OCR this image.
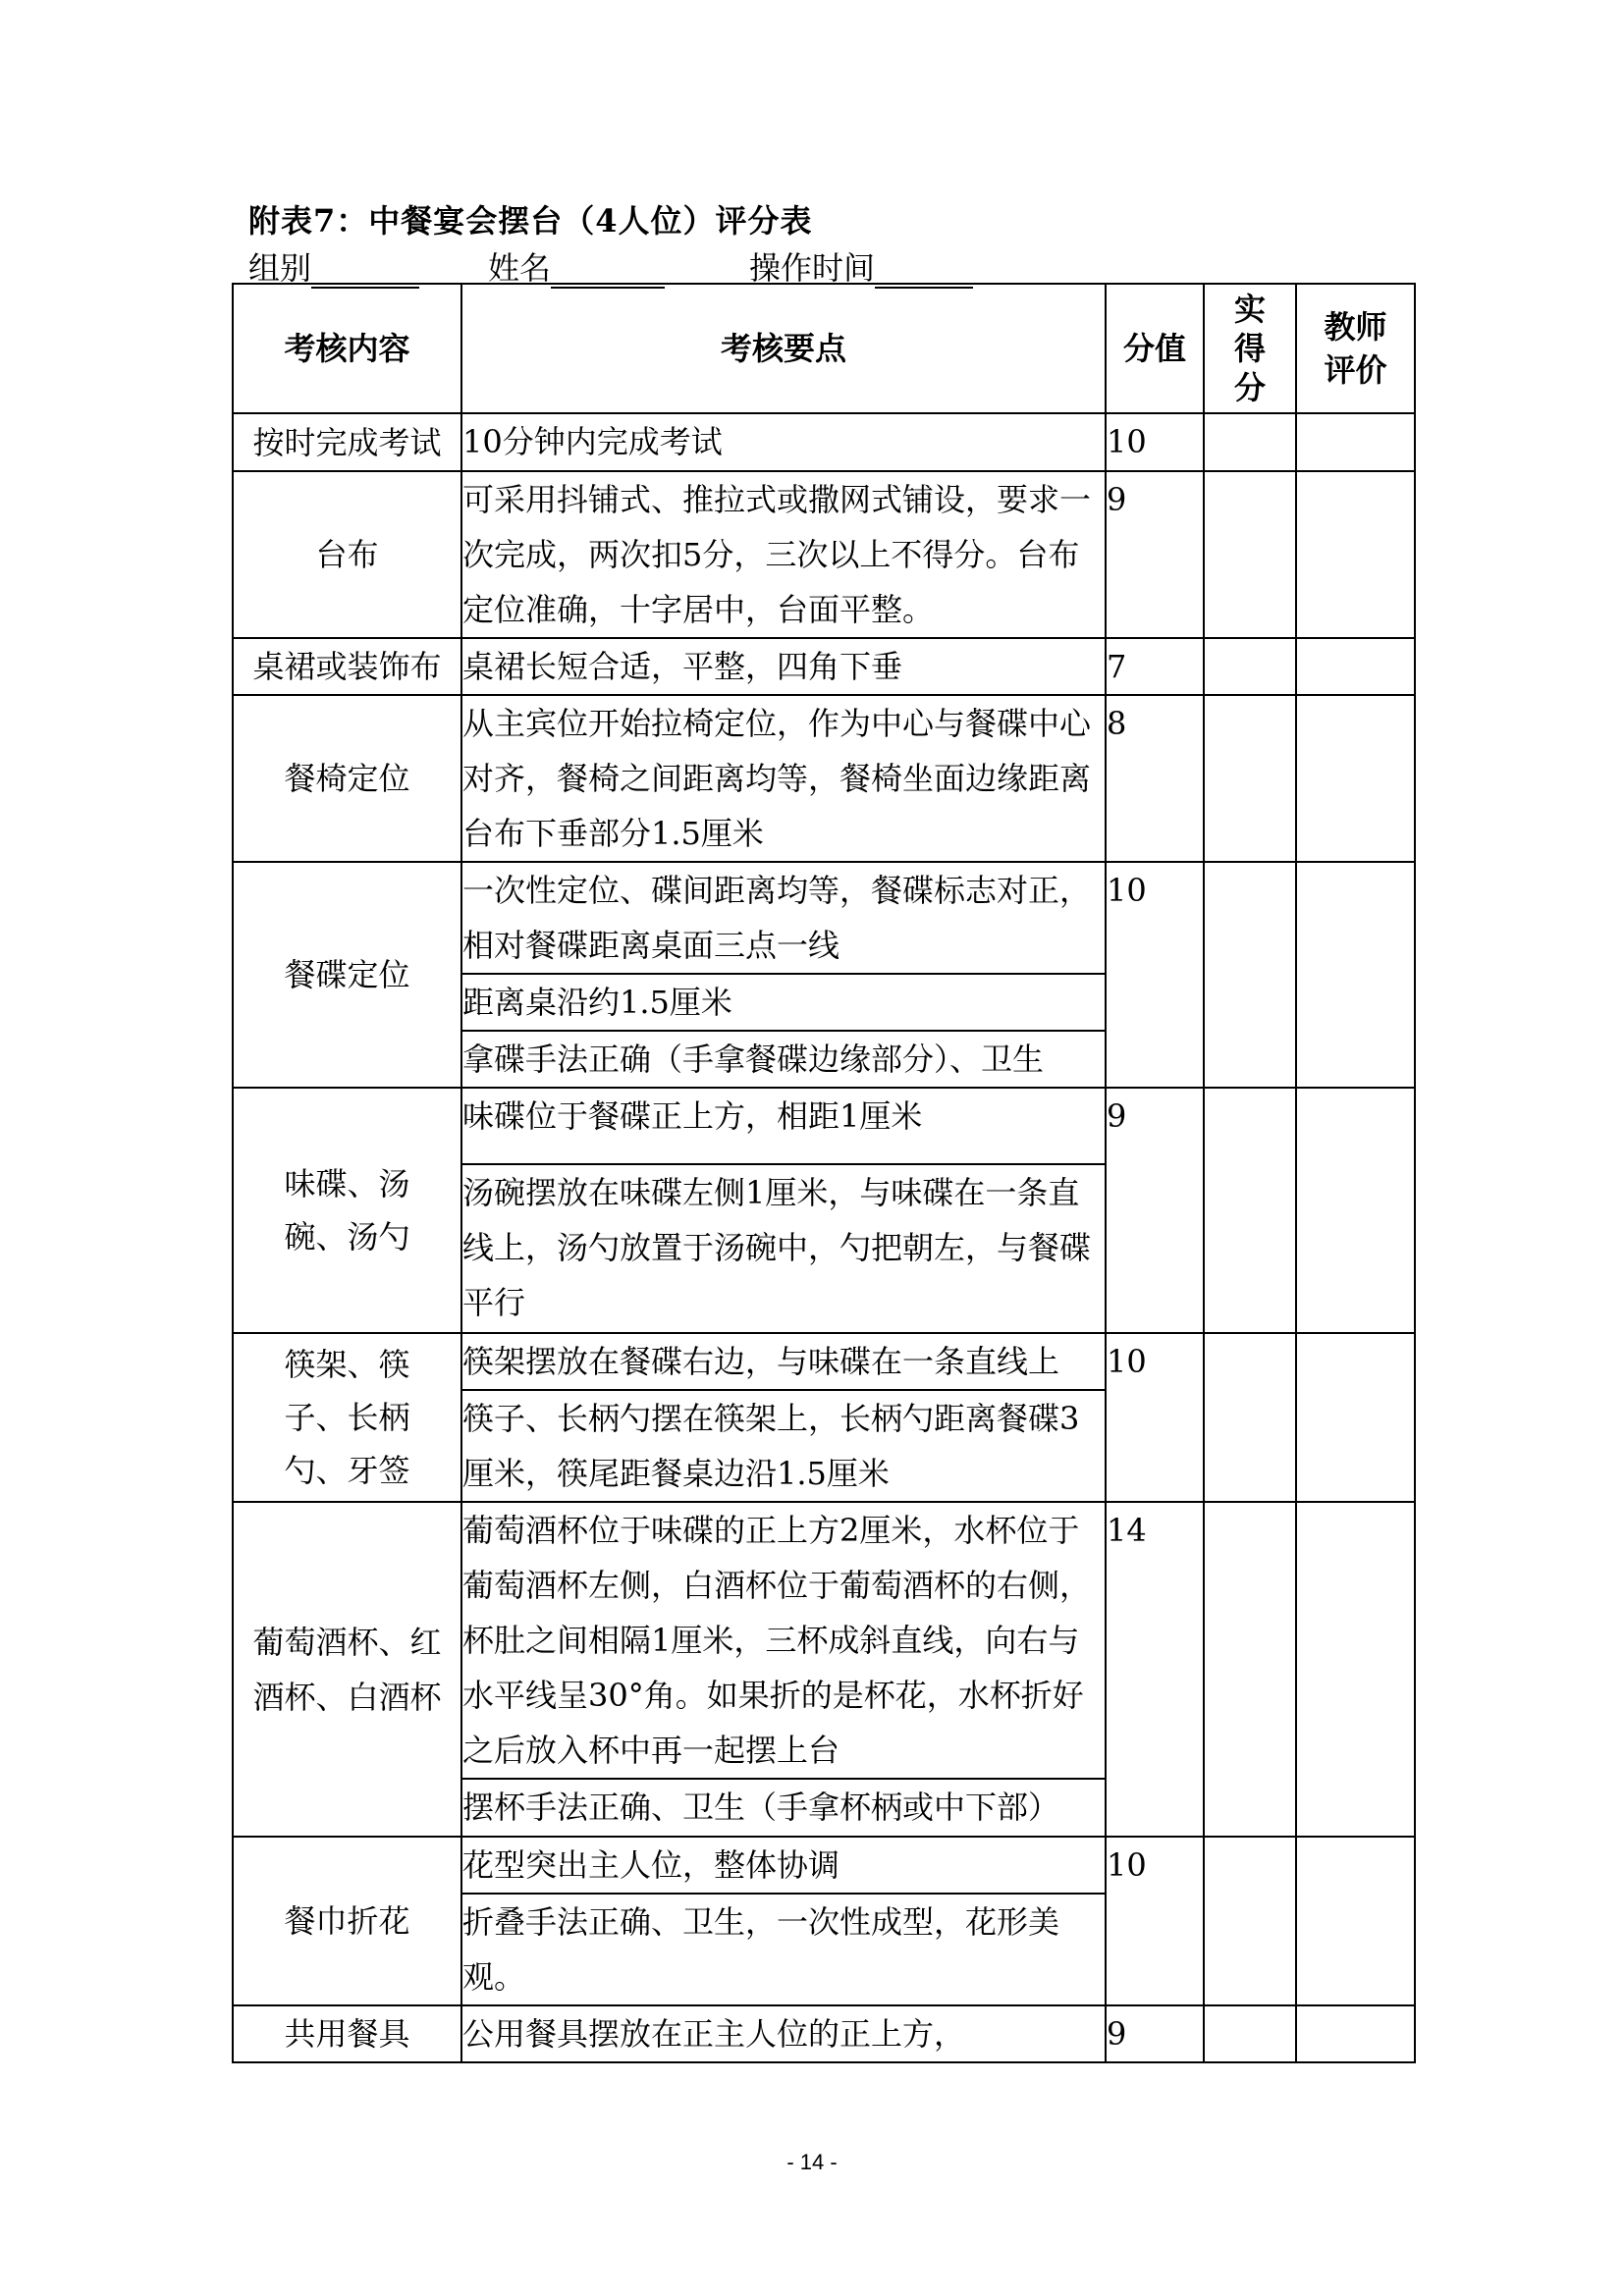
附表7：中餐宴会摆台（4人位）评分表
组别	姓名	操作时间
考核内容	考核要点	分值	实得分	教师评价

按时完成考试	10分钟内完成考试	10		
台布	可采用抖铺式、推拉式或撒网式铺设，要求一次完成，两次扣5分，三次以上不得分。台布定位准确，十字居中，台面平整。	9		
桌裙或装饰布	桌裙长短合适，平整，四角下垂	7		
餐椅定位	从主宾位开始拉椅定位，作为中心与餐碟中心对齐，餐椅之间距离均等，餐椅坐面边缘距离台布下垂部分1.5厘米	8		
餐碟定位	一次性定位、碟间距离均等，餐碟标志对正，相对餐碟距离桌面三点一线	10		
	距离桌沿约1.5厘米			
	拿碟手法正确（手拿餐碟边缘部分）、卫生			

味碟、汤碗、汤勺	味碟位于餐碟正上方，相距1厘米	9		
	汤碗摆放在味碟左侧1厘米，与味碟在一条直线上，汤勺放置于汤碗中，勺把朝左，与餐碟平行			

筷架、筷子、长柄勺、牙签	筷架摆放在餐碟右边，与味碟在一条直线上	10		
	筷子、长柄勺摆在筷架上，长柄勺距离餐碟3厘米，筷尾距餐桌边沿1.5厘米			

葡萄酒杯、红酒杯、白酒杯	葡萄酒杯位于味碟的正上方2厘米，水杯位于葡萄酒杯左侧，白酒杯位于葡萄酒杯的右侧，杯肚之间相隔1厘米，三杯成斜直线，向右与水平线呈30°角。如果折的是杯花，水杯折好之后放入杯中再一起摆上台	14		
	摆杯手法正确、卫生（手拿杯柄或中下部）			
餐巾折花	花型突出主人位，整体协调	10		
	折叠手法正确、卫生，一次性成型，花形美观。			
共用餐具	公用餐具摆放在正主人位的正上方，	9		
- 14 -
